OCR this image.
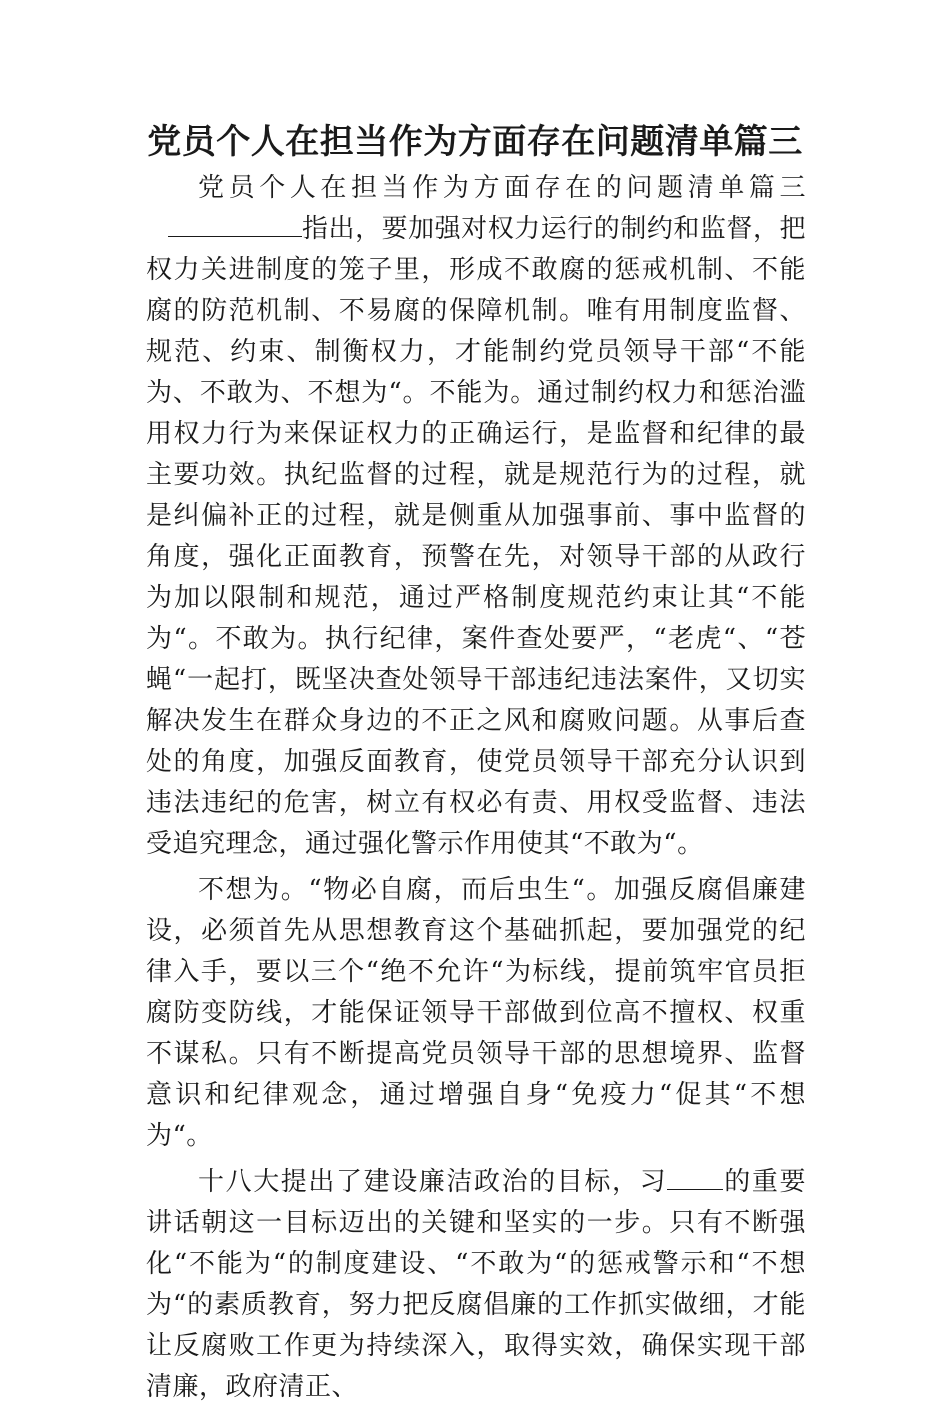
党员个人在担当作为方面存在问题清单篇三

党员个人在担当作为方面存在的问题清单篇三指出，要加强对权力运行的制约和监督，把权力关进制度的笼子里，形成不敢腐的惩戒机制、不能腐的防范机制、不易腐的保障机制。唯有用制度监督、规范、约束、制衡权力，才能制约党员领导干部“不能为、不敢为、不想为“。不能为。通过制约权力和惩治滥用权力行为来保证权力的正确运行，是监督和纪律的最主要功效。执纪监督的过程，就是规范行为的过程，就是纠偏补正的过程，就是侧重从加强事前、事中监督的角度，强化正面教育，预警在先，对领导干部的从政行为加以限制和规范，通过严格制度规范约束让其“不能为“。不敢为。执行纪律，案件查处要严，“老虎“、“苍蝇“一起打，既坚决查处领导干部违纪违法案件，又切实解决发生在群众身边的不正之风和腐败问题。从事后查处的角度，加强反面教育，使党员领导干部充分认识到违法违纪的危害，树立有权必有责、用权受监督、违法受追究理念，通过强化警示作用使其“不敢为“。

不想为。“物必自腐，而后虫生“。加强反腐倡廉建设，必须首先从思想教育这个基础抓起，要加强党的纪律入手，要以三个“绝不允许“为标线，提前筑牢官员拒腐防变防线，才能保证领导干部做到位高不擅权、权重不谋私。只有不断提高党员领导干部的思想境界、监督意识和纪律观念，通过增强自身“免疫力“促其“不想为“。

十八大提出了建设廉洁政治的目标，习 的重要讲话朝这一目标迈出的关键和坚实的一步。只有不断强化“不能为“的制度建设、“不敢为“的惩戒警示和“不想为“的素质教育，努力把反腐倡廉的工作抓实做细，才能让反腐败工作更为持续深入，取得实效，确保实现干部清廉，政府清正、
